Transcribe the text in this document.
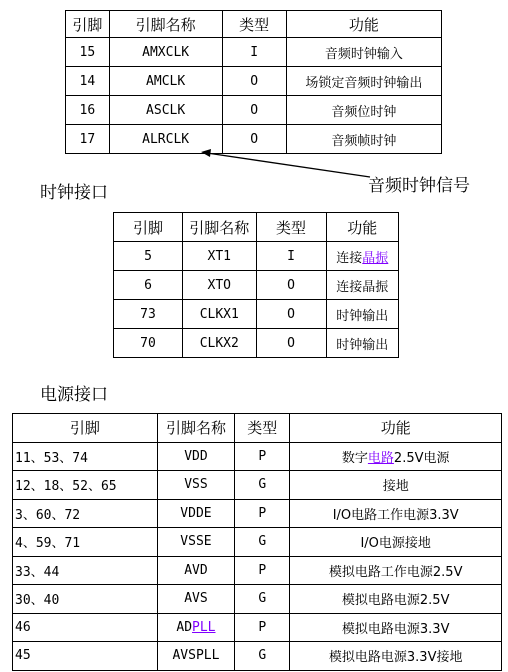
引脚	引脚名称	类型	功能
15	AMXCLK	I	音频时钟输入
14	AMCLK	O	场锁定音频时钟输出
16	ASCLK	O	音频位时钟
17	ALRCLK	O	音频帧时钟
音频时钟信号
时钟接口
引脚	引脚名称	类型	功能
5	XT1	I	连接晶振
6	XTO	O	连接晶振
73	CLKX1	O	时钟输出
70	CLKX2	O	时钟输出
电源接口
引脚	引脚名称	类型	功能
11、53、74	VDD	P	数字电路2.5V电源
12、18、52、65	VSS	G	接地
3、60、72	VDDE	P	I/O电路工作电源3.3V
4、59、71	VSSE	G	I/O电源接地
33、44	AVD	P	模拟电路工作电源2.5V
30、40	AVS	G	模拟电路电源2.5V
46	ADPLL	P	模拟电路电源3.3V
45	AVSPLL	G	模拟电路电源3.3V接地
